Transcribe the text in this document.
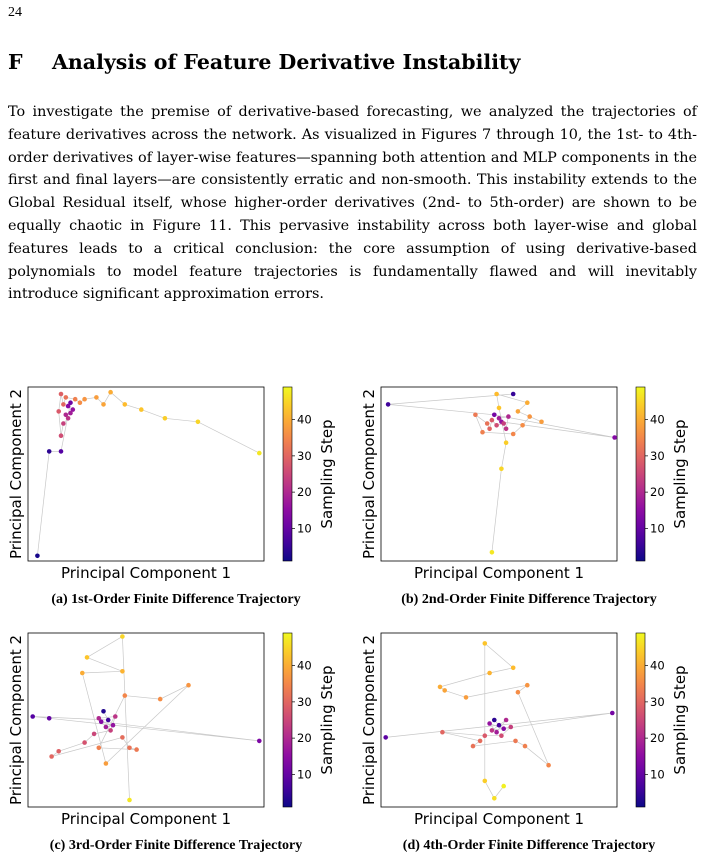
24
F Analysis of Feature Derivative Instability

To investigate the premise of derivative-based forecasting, we analyzed the trajectories of feature derivatives across the network. As visualized in Figures 7 through 10, the 1st- to 4th-order derivatives of layer-wise features—spanning both attention and MLP components in the first and final layers—are consistently erratic and non-smooth. This instability extends to the Global Residual itself, whose higher-order derivatives (2nd- to 5th-order) are shown to be equally chaotic in Figure 11. This pervasive instability across both layer-wise and global features leads to a critical conclusion: the core assumption of using derivative-based polynomials to model feature trajectories is fundamentally flawed and will inevitably introduce significant approximation errors.

Principal Component 1
Principal Component 2	10
20
30
40 Sampling Step
(a) 1st-Order Finite Difference Trajectory
Principal Component 1
Principal Component 2	10
20
30
40 Sampling Step
(b) 2nd-Order Finite Difference Trajectory
Principal Component 1
Principal Component 2	10
20
30
40 Sampling Step
(c) 3rd-Order Finite Difference Trajectory
Principal Component 1
Principal Component 2	10
20
30
40 Sampling Step
(d) 4th-Order Finite Difference Trajectory
